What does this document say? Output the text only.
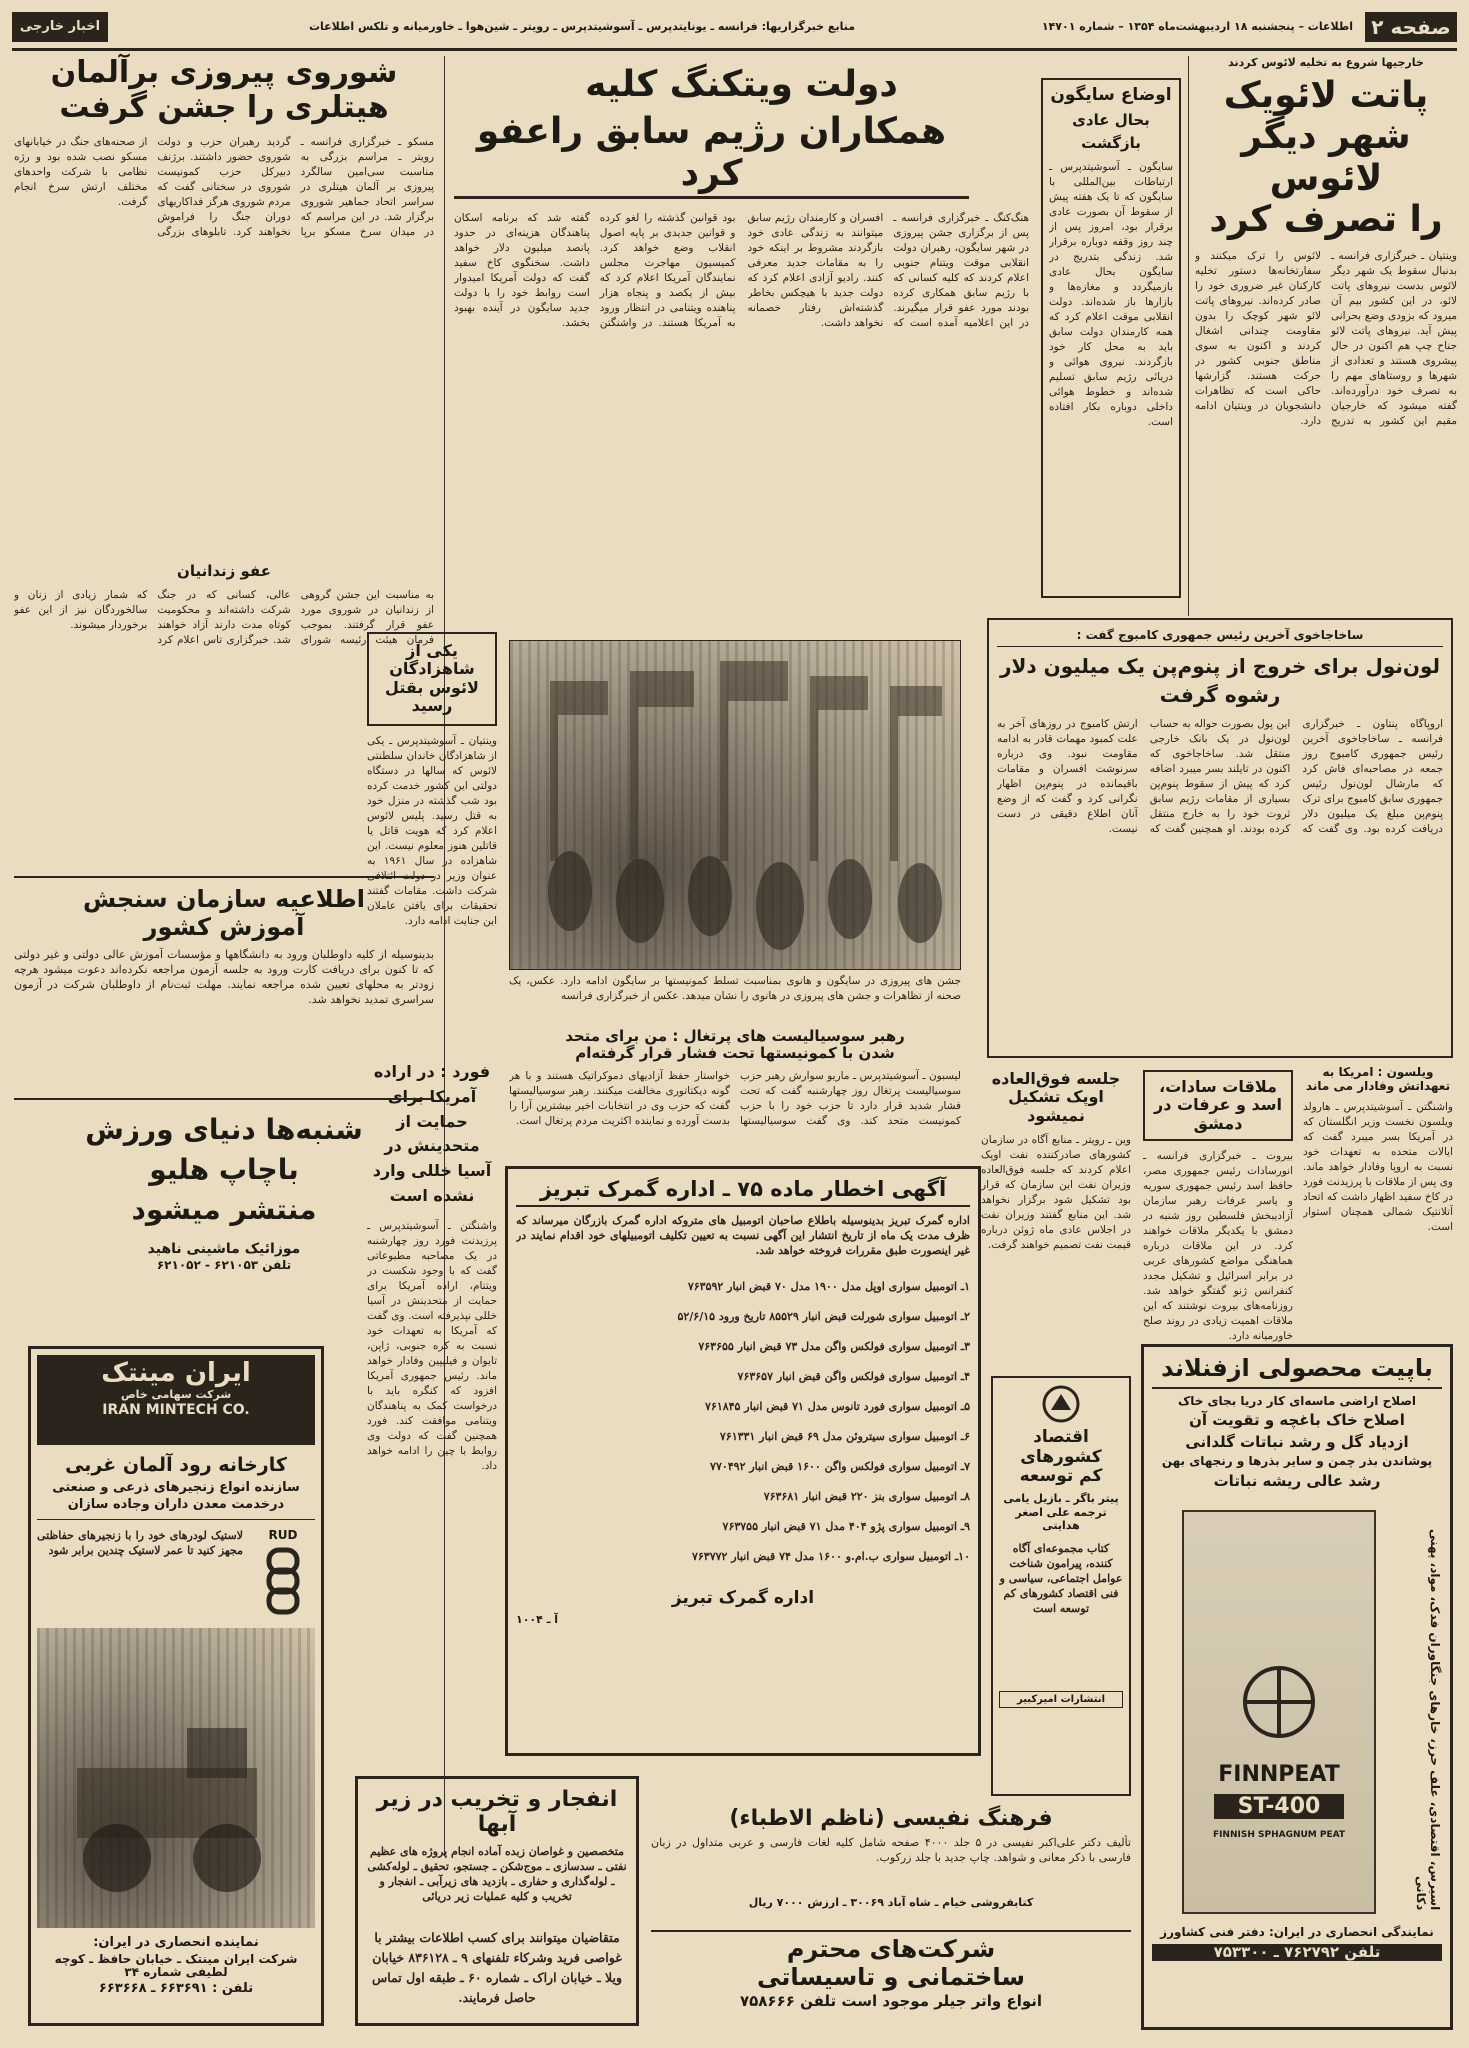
صفحه ۲
اطلاعات – پنجشنبه ۱۸ اردیبهشت‌ماه ۱۳۵۴ – شماره ۱۴۷۰۱
منابع خبرگزاریها: فرانسه ـ یونایتدپرس ـ آسوشیتدپرس ـ رویتر ـ شین‌هوا ـ خاورمیانه و تلکس اطلاعات
اخبار خارجی
خارجیها شروع به تخلیه لائوس کردند
پاتت لائویک
شهر دیگر لائوس
را تصرف کرد
وینتیان ـ خبرگزاری فرانسه ـ بدنبال سقوط یک شهر دیگر لائوس بدست نیروهای پاتت لائو، در این کشور بیم آن میرود که بزودی وضع بحرانی پیش آید. نیروهای پاتت لائو جناح چپ هم اکنون در حال پیشروی هستند و تعدادی از شهرها و روستاهای مهم را به تصرف خود درآورده‌اند. گفته میشود که خارجیان مقیم این کشور به تدریج لائوس را ترک میکنند و سفارتخانه‌ها دستور تخلیه کارکنان غیر ضروری خود را صادر کرده‌اند. نیروهای پاتت لائو شهر کوچک را بدون مقاومت چندانی اشغال کردند و اکنون به سوی مناطق جنوبی کشور در حرکت هستند. گزارشها حاکی است که تظاهرات دانشجویان در وینتیان ادامه دارد.
اوضاع سایگون
بحال عادی
بازگشت
سایگون ـ آسوشیتدپرس ـ ارتباطات بین‌المللی با سایگون که تا یک هفته پیش از سقوط آن بصورت عادی برقرار بود، امروز پس از چند روز وقفه دوباره برقرار شد. زندگی بتدریج در سایگون بحال عادی بازمیگردد و مغازه‌ها و بازارها باز شده‌اند. دولت انقلابی موقت اعلام کرد که همه کارمندان دولت سابق باید به محل کار خود بازگردند. نیروی هوائی و دریائی رژیم سابق تسلیم شده‌اند و خطوط هوائی داخلی دوباره بکار افتاده است.
دولت ویتکنگ کلیه
همکاران رژیم سابق راعفو کرد
هنگ‌کنگ ـ خبرگزاری فرانسه ـ پس از برگزاری جشن پیروزی در شهر سایگون، رهبران دولت انقلابی موقت ویتنام جنوبی اعلام کردند که کلیه کسانی که با رژیم سابق همکاری کرده بودند مورد عفو قرار میگیرند. در این اعلامیه آمده است که افسران و کارمندان رژیم سابق میتوانند به زندگی عادی خود بازگردند مشروط بر اینکه خود را به مقامات جدید معرفی کنند. رادیو آزادی اعلام کرد که دولت جدید با هیچکس بخاطر گذشته‌اش رفتار خصمانه نخواهد داشت.
بود قوانین گذشته را لغو کرده و قوانین جدیدی بر پایه اصول انقلاب وضع خواهد کرد. کمیسیون مهاجرت مجلس نمایندگان آمریکا اعلام کرد که بیش از یکصد و پنجاه هزار پناهنده ویتنامی در انتظار ورود به آمریکا هستند. در واشنگتن گفته شد که برنامه اسکان پناهندگان هزینه‌ای در حدود پانصد میلیون دلار خواهد داشت. سخنگوی کاخ سفید گفت که دولت آمریکا امیدوار است روابط خود را با دولت جدید سایگون در آینده بهبود بخشد.
شوروی پیروزی برآلمان
هیتلری را جشن گرفت
مسکو ـ خبرگزاری فرانسه ـ رویتر ـ مراسم بزرگی به مناسبت سی‌امین سالگرد پیروزی بر آلمان هیتلری در سراسر اتحاد جماهیر شوروی برگزار شد. در این مراسم که در میدان سرخ مسکو برپا گردید رهبران حزب و دولت شوروی حضور داشتند. برژنف دبیرکل حزب کمونیست شوروی در سخنانی گفت که مردم شوروی هرگز فداکاریهای دوران جنگ را فراموش نخواهند کرد. تابلوهای بزرگی از صحنه‌های جنگ در خیابانهای مسکو نصب شده بود و رژه نظامی با شرکت واحدهای مختلف ارتش سرخ انجام گرفت.
عفو زندانیان
به مناسبت این جشن گروهی از زندانیان در شوروی مورد عفو قرار گرفتند. بموجب فرمان هیئت رئیسه شورای عالی، کسانی که در جنگ شرکت داشته‌اند و محکومیت کوتاه مدت دارند آزاد خواهند شد. خبرگزاری تاس اعلام کرد که شمار زیادی از زنان و سالخوردگان نیز از این عفو برخوردار میشوند.
ساخاجاخوی آخرین رئیس جمهوری کامبوج گفت :
لون‌نول برای خروج از پنوم‌پن یک میلیون دلار
رشوه گرفت
اروپاگاه پنتاون ـ خبرگزاری فرانسه ـ ساخاجاخوی آخرین رئیس جمهوری کامبوج روز جمعه در مصاحبه‌ای فاش کرد که مارشال لون‌نول رئیس جمهوری سابق کامبوج برای ترک پنوم‌پن مبلغ یک میلیون دلار دریافت کرده بود. وی گفت که این پول بصورت حواله به حساب لون‌نول در یک بانک خارجی منتقل شد. ساخاجاخوی که اکنون در تایلند بسر میبرد اضافه کرد که پیش از سقوط پنوم‌پن بسیاری از مقامات رژیم سابق ثروت خود را به خارج منتقل کرده بودند. او همچنین گفت که ارتش کامبوج در روزهای آخر به علت کمبود مهمات قادر به ادامه مقاومت نبود. وی درباره سرنوشت افسران و مقامات باقیمانده در پنوم‌پن اظهار نگرانی کرد و گفت که از وضع آنان اطلاع دقیقی در دست نیست.
جشن های پیروزی در سایگون و هانوی بمناسبت تسلط کمونیستها بر سایگون ادامه دارد. عکس، یک صحنه از تظاهرات و جشن های پیروزی در هانوی را نشان میدهد. عکس از خبرگزاری فرانسه
یکی از شاهزادگان لائوس بقتل رسید
وینتیان ـ آسوشیتدپرس ـ یکی از شاهزادگان خاندان سلطنتی لائوس که سالها در دستگاه دولتی این کشور خدمت کرده بود شب گذشته در منزل خود به قتل رسید. پلیس لائوس اعلام کرد که هویت قاتل یا قاتلین هنوز معلوم نیست. این شاهزاده در سال ۱۹۶۱ به عنوان وزیر در دولت ائتلافی شرکت داشت. مقامات گفتند تحقیقات برای یافتن عاملان این جنایت ادامه دارد.
رهبر سوسیالیست های پرتغال : من برای متحد
شدن با کمونیستها تحت فشار قرار گرفته‌ام
لیسبون ـ آسوشیتدپرس ـ ماریو سوارش رهبر حزب سوسیالیست پرتغال روز چهارشنبه گفت که تحت فشار شدید قرار دارد تا حزب خود را با حزب کمونیست متحد کند. وی گفت سوسیالیستها خواستار حفظ آزادیهای دموکراتیک هستند و با هر گونه دیکتاتوری مخالفت میکنند. رهبر سوسیالیستها گفت که حزب وی در انتخابات اخیر بیشترین آرا را بدست آورده و نماینده اکثریت مردم پرتغال است.
فورد : در اراده آمریکا برای حمایت از متحدینش در آسیا خللی وارد نشده است
واشنگتن ـ آسوشیتدپرس ـ پرزیدنت فورد روز چهارشنبه در یک مصاحبه مطبوعاتی گفت که با وجود شکست در ویتنام، اراده آمریکا برای حمایت از متحدینش در آسیا خللی نپذیرفته است. وی گفت که آمریکا به تعهدات خود نسبت به کره جنوبی، ژاپن، تایوان و فیلیپین وفادار خواهد ماند. رئیس جمهوری آمریکا افزود که کنگره باید با درخواست کمک به پناهندگان ویتنامی موافقت کند. فورد همچنین گفت که دولت وی روابط با چین را ادامه خواهد داد.
جلسه فوق‌العاده اوپک تشکیل نمیشود
وین ـ رویتر ـ منابع آگاه در سازمان کشورهای صادرکننده نفت اوپک اعلام کردند که جلسه فوق‌العاده وزیران نفت این سازمان که قرار بود تشکیل شود برگزار نخواهد شد. این منابع گفتند وزیران نفت در اجلاس عادی ماه ژوئن درباره قیمت نفت تصمیم خواهند گرفت.
ملاقات سادات، اسد و عرفات در دمشق
بیروت ـ خبرگزاری فرانسه ـ انورسادات رئیس جمهوری مصر، حافظ اسد رئیس جمهوری سوریه و یاسر عرفات رهبر سازمان آزادیبخش فلسطین روز شنبه در دمشق با یکدیگر ملاقات خواهند کرد. در این ملاقات درباره هماهنگی مواضع کشورهای عربی در برابر اسرائیل و تشکیل مجدد کنفرانس ژنو گفتگو خواهد شد. روزنامه‌های بیروت نوشتند که این ملاقات اهمیت زیادی در روند صلح خاورمیانه دارد.
ویلسون : امریکا به تعهداتش وفادار می ماند
واشنگتن ـ آسوشیتدپرس ـ هارولد ویلسون نخست وزیر انگلستان که در آمریکا بسر میبرد گفت که ایالات متحده به تعهدات خود نسبت به اروپا وفادار خواهد ماند. وی پس از ملاقات با پرزیدنت فورد در کاخ سفید اظهار داشت که اتحاد آتلانتیک شمالی همچنان استوار است.
اطلاعیه سازمان سنجش
آموزش کشور
بدینوسیله از کلیه داوطلبان ورود به دانشگاهها و مؤسسات آموزش عالی دولتی و غیر دولتی که تا کنون برای دریافت کارت ورود به جلسه آزمون مراجعه نکرده‌اند دعوت میشود هرچه زودتر به محلهای تعیین شده مراجعه نمایند. مهلت ثبت‌نام از داوطلبان شرکت در آزمون سراسری تمدید نخواهد شد.
شنبه‌ها دنیای ورزش
باچاپ هلیو
منتشر میشود
موزائیک ماشینی ناهید
تلفن ۶۲۱۰۵۳ - ۶۲۱۰۵۲
ایران مینتک
شرکت سهامی خاص
IRAN MINTECH CO.
کارخانه رود آلمان غربی
سازنده انواع زنجیرهای ذرعی و صنعتی
درخدمت معدن داران وجاده سازان
RUD
لاستیک لودرهای خود را با زنجیرهای حفاظتی مجهز کنید تا عمر لاستیک چندین برابر شود
نماینده انحصاری در ایران:
شرکت ایران مینتک ـ خیابان حافظ ـ کوچه لطیفی شماره ۳۴
تلفن : ۶۶۳۶۹۱ ـ ۶۶۳۶۶۸
آگهی اخطار ماده ۷۵ ـ اداره گمرک تبریز
اداره گمرک تبریز بدینوسیله باطلاع صاحبان اتومبیل های متروکه اداره گمرک بازرگان میرساند که ظرف مدت یک ماه از تاریخ انتشار این آگهی نسبت به تعیین تکلیف اتومبیلهای خود اقدام نمایند در غیر اینصورت طبق مقررات فروخته خواهد شد.
۱ـ اتومبیل سواری اوپل مدل ۱۹۰۰ مدل ۷۰ قبض انبار ۷۶۳۵۹۲
۲ـ اتومبیل سواری شورلت قبض انبار ۸۵۵۲۹ تاریخ ورود ۵۲/۶/۱۵
۳ـ اتومبیل سواری فولکس واگن مدل ۷۳ قبض انبار ۷۶۳۶۵۵
۴ـ اتومبیل سواری فولکس واگن قبض انبار ۷۶۳۶۵۷
۵ـ اتومبیل سواری فورد تانوس مدل ۷۱ قبض انبار ۷۶۱۸۴۵
۶ـ اتومبیل سواری سیتروئن مدل ۶۹ قبض انبار ۷۶۱۳۳۱
۷ـ اتومبیل سواری فولکس واگن ۱۶۰۰ قبض انبار ۷۷۰۴۹۲
۸ـ اتومبیل سواری بنز ۲۲۰ قبض انبار ۷۶۳۶۸۱
۹ـ اتومبیل سواری پژو ۴۰۴ مدل ۷۱ قبض انبار ۷۶۳۷۵۵
۱۰ـ اتومبیل سواری ب.ام.و ۱۶۰۰ مدل ۷۴ قبض انبار ۷۶۳۷۷۲
اداره گمرک تبریز
آ ـ ۱۰۰۴
اقتصاد کشورهای
کم توسعه
پیتر باگر ـ بازیل یامی
ترجمه علی اصغر هدایتی
کتاب مجموعه‌ای آگاه کننده، پیرامون شناخت عوامل اجتماعی، سیاسی و فنی اقتصاد کشورهای کم توسعه است
انتشارات امیرکبیر
باپیت محصولی ازفنلاند
اصلاح اراضی ماسه‌ای کار دریا بجای خاک
اصلاح خاک باغچه و تقویت آن
ازدیاد گل و رشد نباتات گلدانی
پوشاندن بذر چمن و سایر بذرها و رنجهای بهن
رشد عالی ریشه نباتات
FINNPEAT
ST-400
FINNISH SPHAGNUM PEAT	اسیرس، اقتصادی، علف حرز، خارهای جنگاوران فدک، مواد، پهنی دکانی
نمایندگی انحصاری در ایران: دفتر فنی کشاورز
تلفن ۷۶۲۷۹۲ ـ ۷۵۳۳۰۰
فرهنگ نفیسی (ناظم الاطباء)
تألیف دکتر علی‌اکبر نفیسی در ۵ جلد ۴۰۰۰ صفحه شامل کلیه لغات فارسی و عربی متداول در زبان فارسی با ذکر معانی و شواهد. چاپ جدید با جلد زرکوب.
کتابفروشی خیام ـ شاه آباد ۳۰۰۶۹ ـ ارزش ۷۰۰۰ ریال
انفجار و تخریب در زیر آبها
متخصصین و غواصان زبده آماده انجام پروژه های عظیم نفتی ـ سدسازی ـ موج‌شکن ـ جستجو، تحقیق ـ لوله‌کشی ـ لوله‌گذاری و حفاری ـ بازدید های زیرآبی ـ انفجار و تخریب و کلیه عملیات زیر دریائی
متقاضیان میتوانند برای کسب اطلاعات بیشتر با غواصی فرید وشرکاء تلفنهای ۹ ـ ۸۳۶۱۲۸ خیابان ویلا ـ خیابان اراک ـ شماره ۶۰ ـ طبقه اول تماس حاصل فرمایند.
شرکت‌های محترم
ساختمانی و تاسیساتی
انواع واتر جیلر موجود است تلفن ۷۵۸۶۶۶
